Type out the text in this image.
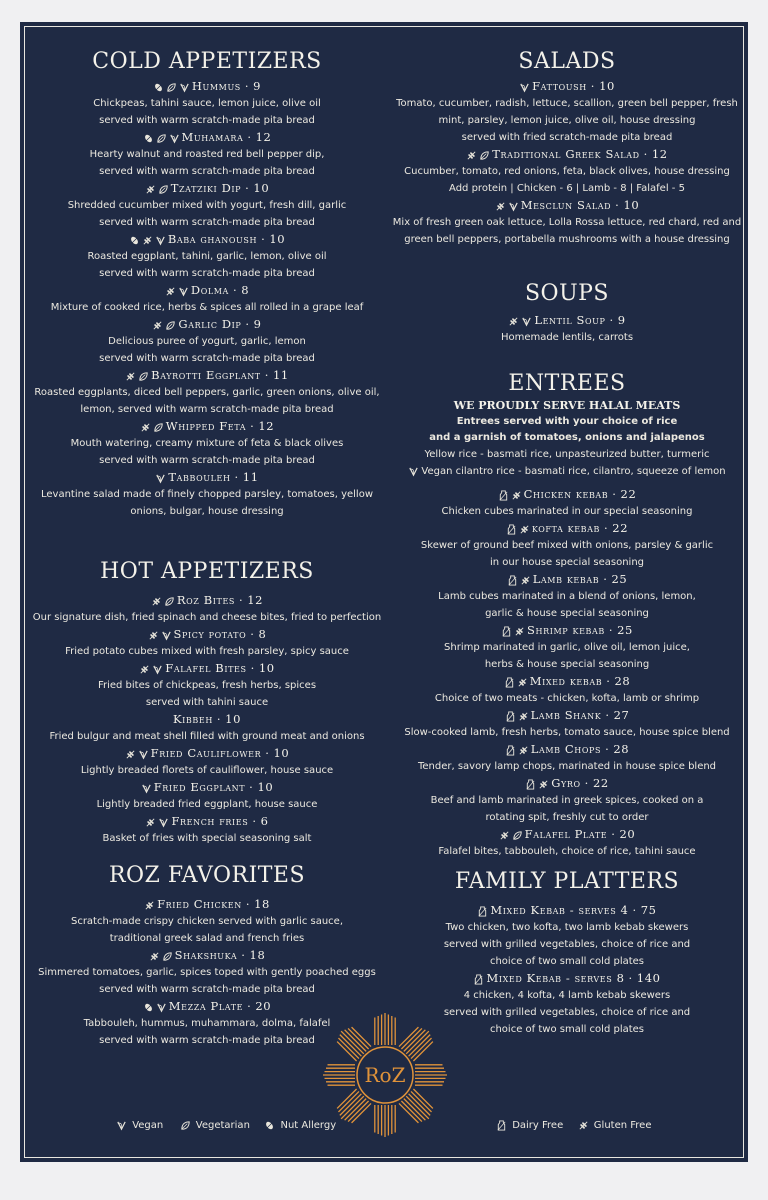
COLD APPETIZERS
Hummus · 9
Chickpeas, tahini sauce, lemon juice, olive oil
served with warm scratch-made pita bread
Muhamara · 12
Hearty walnut and roasted red bell pepper dip,
served with warm scratch-made pita bread
Tzatziki Dip · 10
Shredded cucumber mixed with yogurt, fresh dill, garlic
served with warm scratch-made pita bread
Baba ghanoush · 10
Roasted eggplant, tahini, garlic, lemon, olive oil
served with warm scratch-made pita bread
Dolma · 8
Mixture of cooked rice, herbs & spices all rolled in a grape leaf
Garlic Dip · 9
Delicious puree of yogurt, garlic, lemon
served with warm scratch-made pita bread
Bayrotti Eggplant · 11
Roasted eggplants, diced bell peppers, garlic, green onions, olive oil,
lemon, served with warm scratch-made pita bread
Whipped Feta · 12
Mouth watering, creamy mixture of feta & black olives
served with warm scratch-made pita bread
Tabbouleh · 11
Levantine salad made of finely chopped parsley, tomatoes, yellow
onions, bulgar, house dressing
HOT APPETIZERS
Roz Bites · 12
Our signature dish, fried spinach and cheese bites, fried to perfection
Spicy potato · 8
Fried potato cubes mixed with fresh parsley, spicy sauce
Falafel Bites · 10
Fried bites of chickpeas, fresh herbs, spices
served with tahini sauce
Kibbeh · 10
Fried bulgur and meat shell filled with ground meat and onions
Fried Cauliflower · 10
Lightly breaded florets of cauliflower, house sauce
Fried Eggplant · 10
Lightly breaded fried eggplant, house sauce
French fries · 6
Basket of fries with special seasoning salt
ROZ FAVORITES
Fried Chicken · 18
Scratch-made crispy chicken served with garlic sauce,
traditional greek salad and french fries
Shakshuka · 18
Simmered tomatoes, garlic, spices toped with gently poached eggs
served with warm scratch-made pita bread
Mezza Plate · 20
Tabbouleh, hummus, muhammara, dolma, falafel
served with warm scratch-made pita bread
SALADS
Fattoush · 10
Tomato, cucumber, radish, lettuce, scallion, green bell pepper, fresh
mint, parsley, lemon juice, olive oil, house dressing
served with fried scratch-made pita bread
Traditional Greek Salad · 12
Cucumber, tomato, red onions, feta, black olives, house dressing
Add protein | Chicken - 6 | Lamb - 8 | Falafel - 5
Mesclun Salad · 10
Mix of fresh green oak lettuce, Lolla Rossa lettuce, red chard, red and
green bell peppers, portabella mushrooms with a house dressing
SOUPS
Lentil Soup · 9
Homemade lentils, carrots
ENTREES
WE PROUDLY SERVE HALAL MEATS
Entrees served with your choice of rice
and a garnish of tomatoes, onions and jalapenos
Yellow rice - basmati rice, unpasteurized butter, turmeric
Vegan cilantro rice - basmati rice, cilantro, squeeze of lemon
Chicken kebab · 22
Chicken cubes marinated in our special seasoning
kofta kebab · 22
Skewer of ground beef mixed with onions, parsley & garlic
in our house special seasoning
Lamb kebab · 25
Lamb cubes marinated in a blend of onions, lemon,
garlic & house special seasoning
Shrimp kebab · 25
Shrimp marinated in garlic, olive oil, lemon juice,
herbs & house special seasoning
Mixed kebab · 28
Choice of two meats - chicken, kofta, lamb or shrimp
Lamb Shank · 27
Slow-cooked lamb, fresh herbs, tomato sauce, house spice blend
Lamb Chops · 28
Tender, savory lamp chops, marinated in house spice blend
Gyro · 22
Beef and lamb marinated in greek spices, cooked on a
rotating spit, freshly cut to order
Falafel Plate · 20
Falafel bites, tabbouleh, choice of rice, tahini sauce
FAMILY PLATTERS
Mixed Kebab - serves 4 · 75
Two chicken, two kofta, two lamb kebab skewers
served with grilled vegetables, choice of rice and
choice of two small cold plates
Mixed Kebab - serves 8 · 140
4 chicken, 4 kofta, 4 lamb kebab skewers
served with grilled vegetables, choice of rice and
choice of two small cold plates
RoZ
Vegan	Vegetarian	Nut Allergy	Dairy Free	Gluten Free
